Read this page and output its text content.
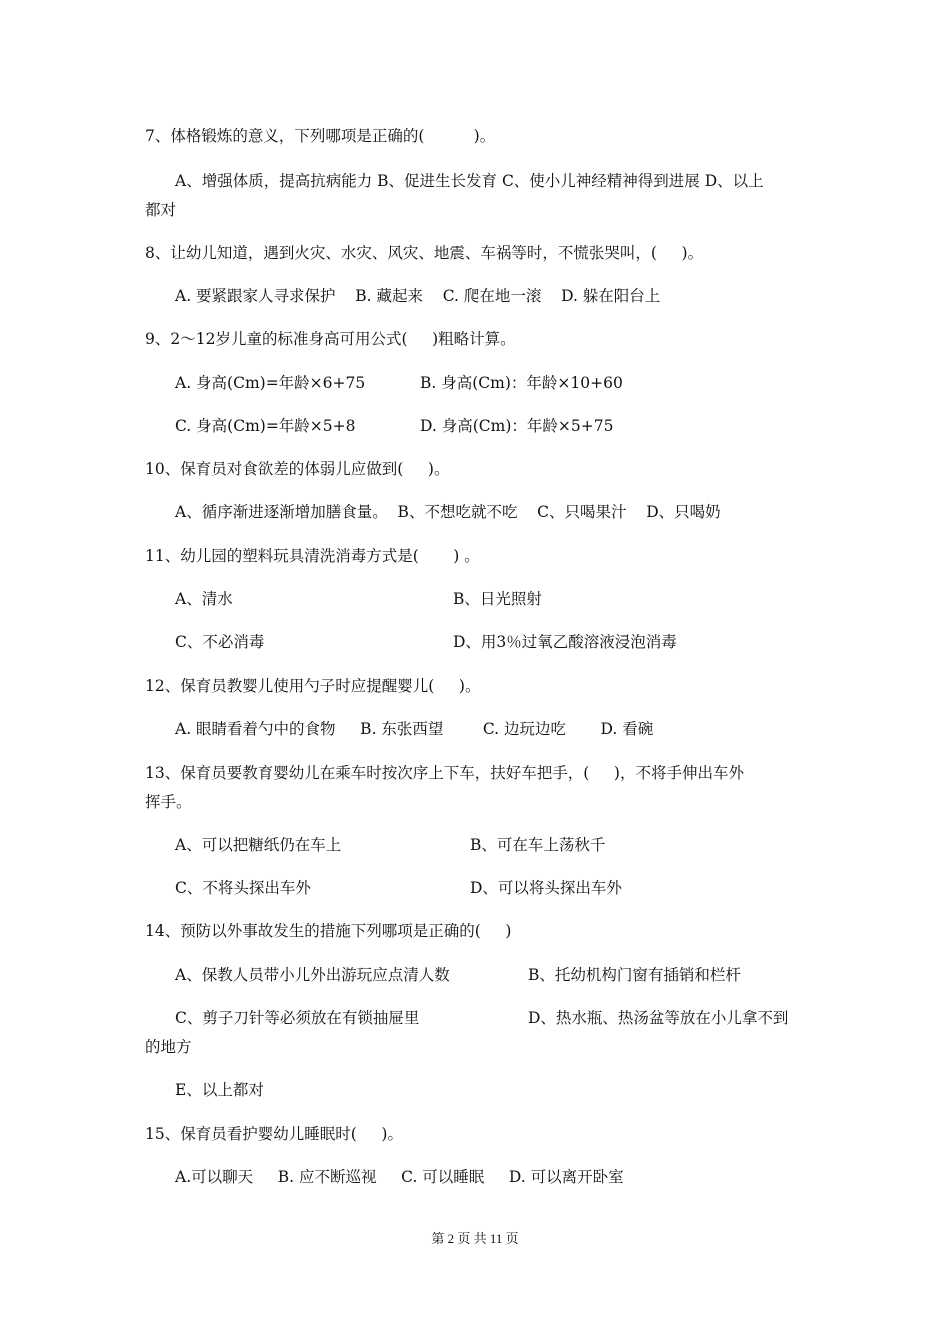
7、体格锻炼的意义，下列哪项是正确的(          )。
A、增强体质，提高抗病能力 B、促进生长发育 C、使小儿神经精神得到进展 D、以上
都对
8、让幼儿知道，遇到火灾、水灾、风灾、地震、车祸等时，不慌张哭叫，(     )。
A. 要紧跟家人寻求保护    B. 藏起来    C. 爬在地一滚    D. 躲在阳台上
9、2～12岁儿童的标准身高可用公式(     )粗略计算。
A. 身高(Cm)=年龄×6+75	B. 身高(Cm)：年龄×10+60
C. 身高(Cm)=年龄×5+8	D. 身高(Cm)：年龄×5+75
10、保育员对食欲差的体弱儿应做到(     )。
A、循序渐进逐渐增加膳食量。  B、不想吃就不吃    C、只喝果汁    D、只喝奶
11、幼儿园的塑料玩具清洗消毒方式是(       ) 。
A、清水	B、日光照射
C、不必消毒	D、用3％过氧乙酸溶液浸泡消毒
12、保育员教婴儿使用勺子时应提醒婴儿(     )。
A. 眼睛看着勺中的食物     B. 东张西望        C. 边玩边吃       D. 看碗
13、保育员要教育婴幼儿在乘车时按次序上下车，扶好车把手，(     )，不将手伸出车外
挥手。
A、可以把糖纸仍在车上	B、可在车上荡秋千
C、不将头探出车外	D、可以将头探出车外
14、预防以外事故发生的措施下列哪项是正确的(     )
A、保教人员带小儿外出游玩应点清人数	B、托幼机构门窗有插销和栏杆
C、剪子刀针等必须放在有锁抽屉里	D、热水瓶、热汤盆等放在小儿拿不到
的地方
E、以上都对
15、保育员看护婴幼儿睡眠时(     )。
A.可以聊天     B. 应不断巡视     C. 可以睡眠     D. 可以离开卧室
第 2 页 共 11 页
